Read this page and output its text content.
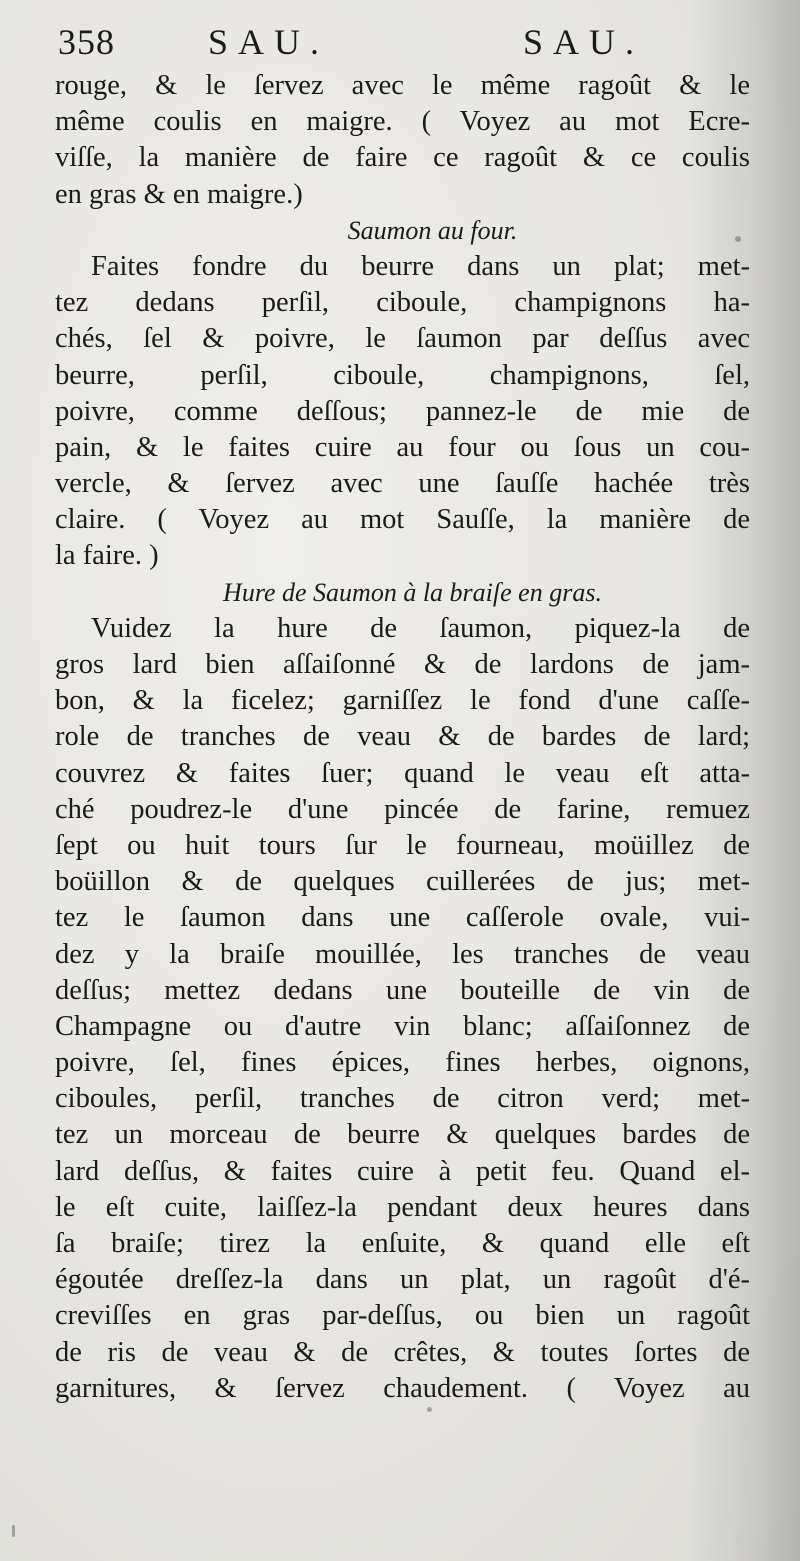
358	SAU.	SAU.
rouge, & le ſervez avec le même ragoût & le
même coulis en maigre. ( Voyez au mot Ecre-
viſſe, la manière de faire ce ragoût & ce coulis
en gras & en maigre.)
Saumon au four.
Faites fondre du beurre dans un plat; met-
tez dedans perſil, ciboule, champignons ha-
chés, ſel & poivre, le ſaumon par deſſus avec
beurre, perſil, ciboule, champignons, ſel,
poivre, comme deſſous; pannez-le de mie de
pain, & le faites cuire au four ou ſous un cou-
vercle, & ſervez avec une ſauſſe hachée très
claire. ( Voyez au mot Sauſſe, la manière de
la faire. )
Hure de Saumon à la braiſe en gras.
Vuidez la hure de ſaumon, piquez-la de
gros lard bien aſſaiſonné & de lardons de jam-
bon, & la ficelez; garniſſez le fond d'une caſſe-
role de tranches de veau & de bardes de lard;
couvrez & faites ſuer; quand le veau eſt atta-
ché poudrez-le d'une pincée de farine, remuez
ſept ou huit tours ſur le fourneau, moüillez de
boüillon & de quelques cuillerées de jus; met-
tez le ſaumon dans une caſſerole ovale, vui-
dez y la braiſe mouillée, les tranches de veau
deſſus; mettez dedans une bouteille de vin de
Champagne ou d'autre vin blanc; aſſaiſonnez de
poivre, ſel, fines épices, fines herbes, oignons,
ciboules, perſil, tranches de citron verd; met-
tez un morceau de beurre & quelques bardes de
lard deſſus, & faites cuire à petit feu. Quand el-
le eſt cuite, laiſſez-la pendant deux heures dans
ſa braiſe; tirez la enſuite, & quand elle eſt
égoutée dreſſez-la dans un plat, un ragoût d'é-
creviſſes en gras par-deſſus, ou bien un ragoût
de ris de veau & de crêtes, & toutes ſortes de
garnitures, & ſervez chaudement. ( Voyez au
